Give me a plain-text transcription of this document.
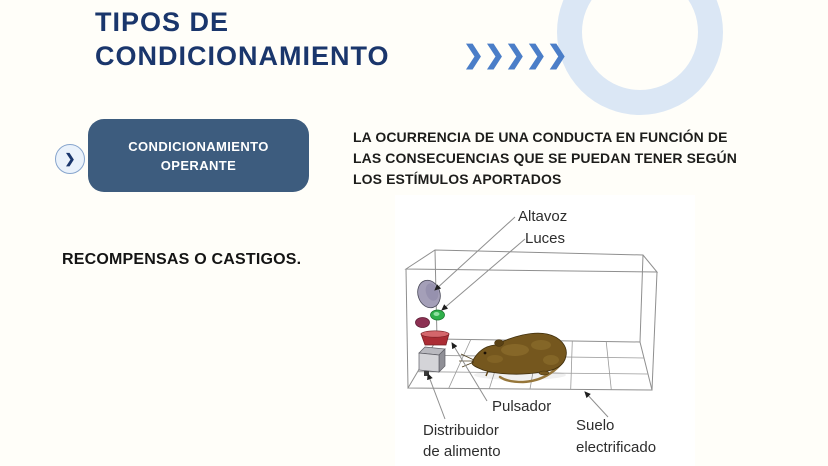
TIPOS DE
CONDICIONAMIENTO	❯❯❯❯❯
❯
CONDICIONAMIENTO
OPERANTE
LA OCURRENCIA DE UNA CONDUCTA EN FUNCIÓN DE
LAS CONSECUENCIAS QUE SE PUEDAN TENER SEGÚN
LOS ESTÍMULOS APORTADOS
RECOMPENSAS O CASTIGOS.
Altavoz
Luces
Pulsador
Distribuidor
de alimento
Suelo
electrificado
